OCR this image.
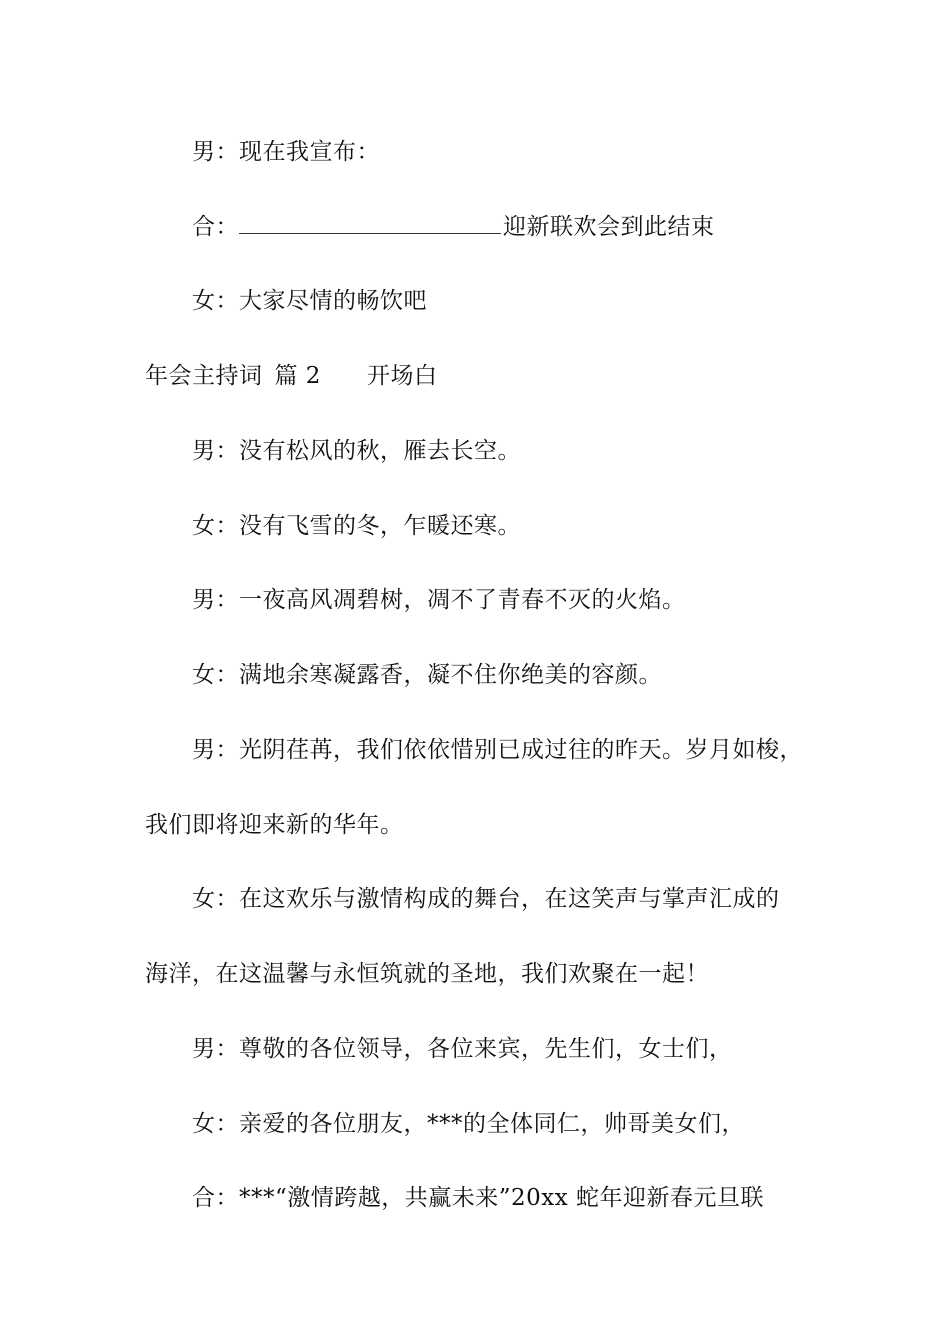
男：现在我宣布：
合：	迎新联欢会到此结束
女：大家尽情的畅饮吧
年会主持词 篇 2 开场白
男：没有松风的秋，雁去长空。
女：没有飞雪的冬，乍暖还寒。
男：一夜高风凋碧树，凋不了青春不灭的火焰。
女：满地余寒凝露香，凝不住你绝美的容颜。
男：光阴荏苒，我们依依惜别已成过往的昨天。岁月如梭，
我们即将迎来新的华年。
女：在这欢乐与激情构成的舞台，在这笑声与掌声汇成的
海洋，在这温馨与永恒筑就的圣地，我们欢聚在一起！
男：尊敬的各位领导，各位来宾，先生们，女士们，
女：亲爱的各位朋友，***的全体同仁，帅哥美女们，
合：***“激情跨越，共赢未来”20xx 蛇年迎新春元旦联
